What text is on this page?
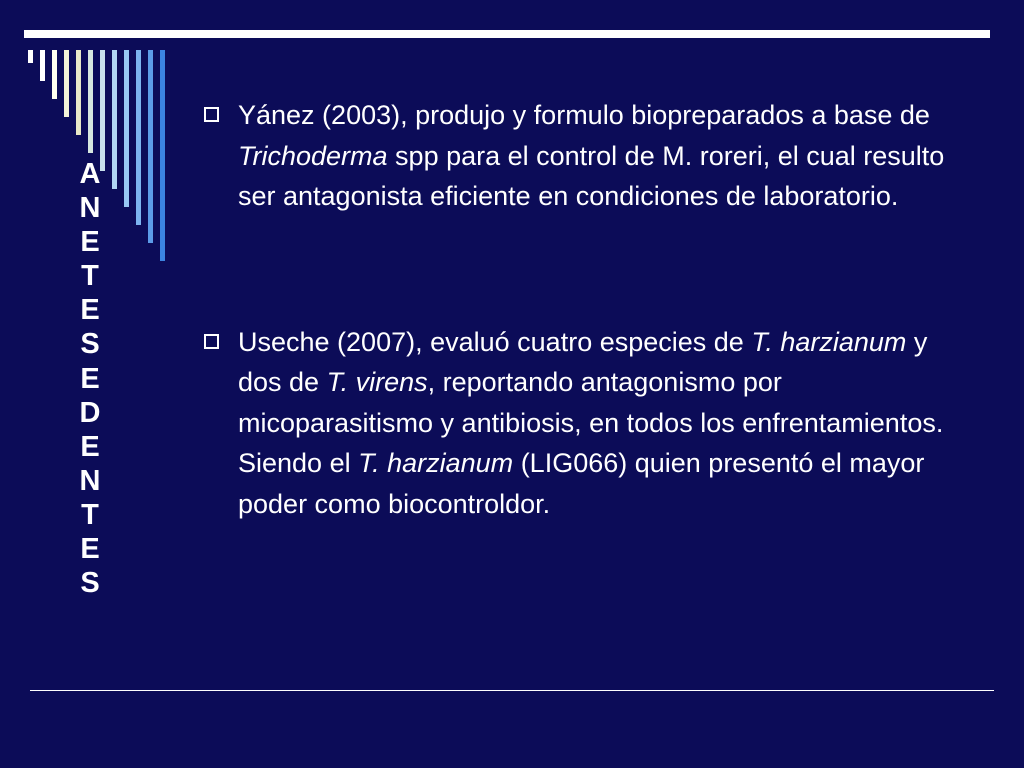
A
N
E
T
E
S
E
D
E
N
T
E
S
Yánez (2003), produjo y formulo biopreparados a base de Trichoderma spp para el control de M. roreri, el cual resulto ser antagonista eficiente en condiciones de laboratorio.
Useche (2007), evaluó cuatro especies de T. harzianum y dos de T. virens, reportando antagonismo por micoparasitismo y antibiosis, en todos los enfrentamientos. Siendo el T. harzianum (LIG066) quien presentó el mayor poder como biocontroldor.
